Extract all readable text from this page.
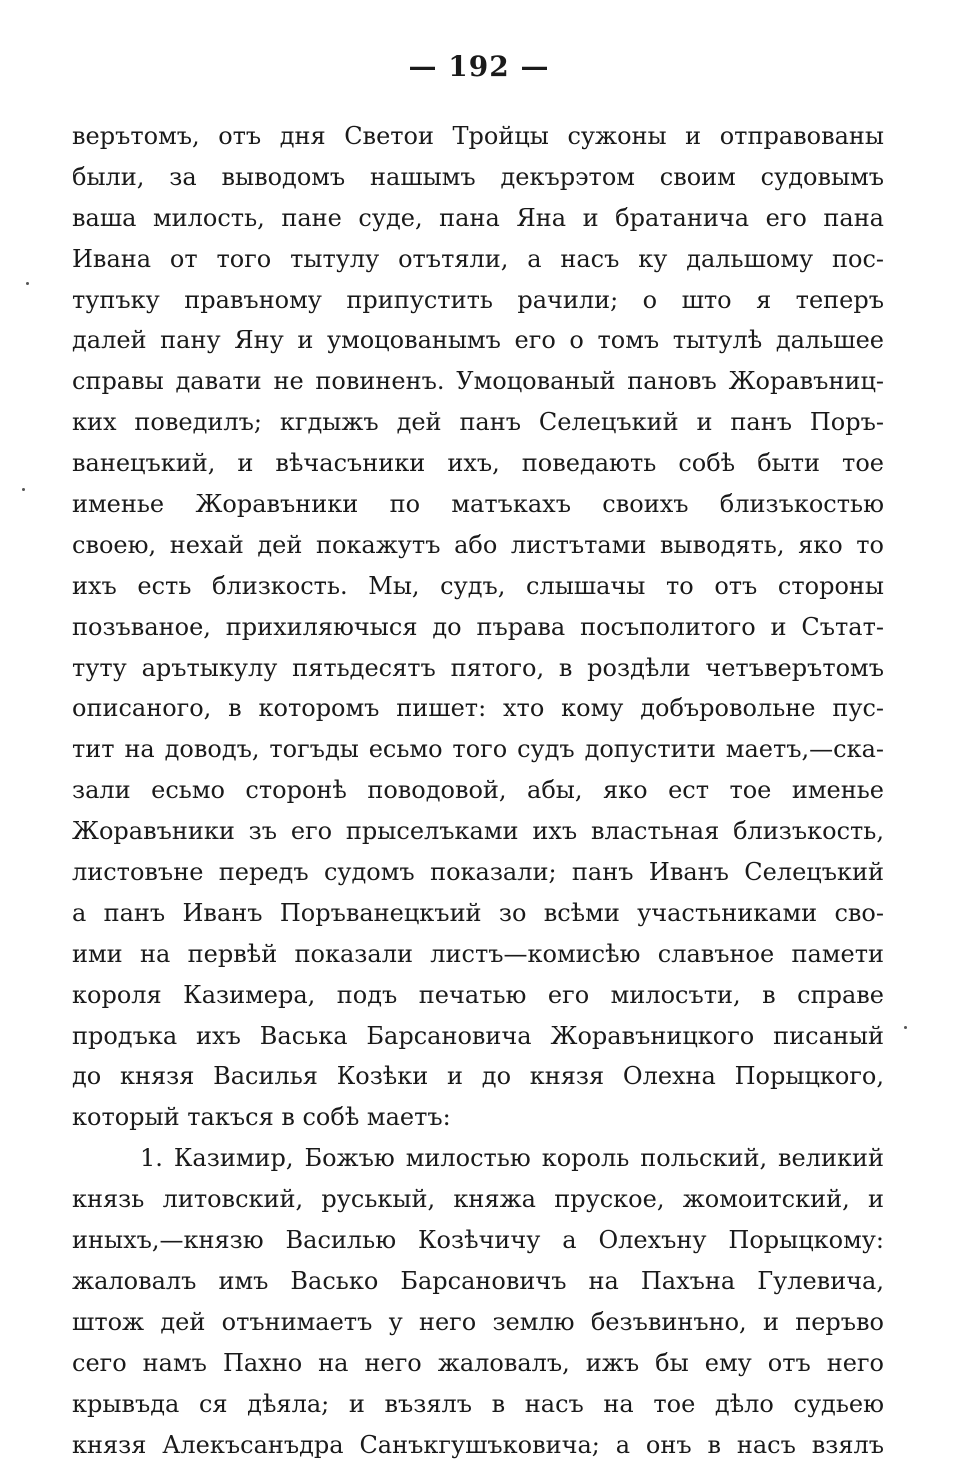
— 192 —
верътомъ, отъ дня Светои Тройцы сужоны и отправованы
были, за выводомъ нашымъ декърэтом своим судовымъ
ваша милость, пане суде, пана Яна и братанича его пана
Ивана от того тытулу отътяли, а насъ ку дальшому пос-
тупъку правъному припустить рачили; о што я теперъ
далей пану Яну и умоцованымъ его о томъ тытулѣ дальшее
справы давати не повиненъ. Умоцованый пановъ Жоравъниц-
ких поведилъ; кгдыжъ дей панъ Селецъкий и панъ Поръ-
ванецъкий, и вѣчасъники ихъ, поведають собѣ быти тое
именье Жоравъники по матъкахъ своихъ близъкостью
своею, нехай дей покажутъ або листътами выводять, яко то
ихъ есть близкость. Мы, судъ, слышачы то отъ стороны
позъваное, прихиляючыся до пърава посъполитого и Сътат-
туту арътыкулу пятьдесятъ пятого, в роздѣли четъверътомъ
описаного, в которомъ пишет: хто кому добъровольне пус-
тит на доводъ, тогъды есьмо того судъ допустити маетъ,—ска-
зали есьмо сторонѣ поводовой, абы, яко ест тое именье
Жоравъники зъ его прыселъками ихъ властьная близъкость,
листовъне передъ судомъ показали; панъ Иванъ Селецъкий
а панъ Иванъ Поръванецкъий зо всѣми участьниками сво-
ими на первѣй показали листъ—комисѣю славъное памети
короля Казимера, подъ печатью его милосъти, в справе
продъка ихъ Васька Барсановича Жоравъницкого писаный
до князя Василья Козѣки и до князя Олехна Порыцкого,
который такъся в собѣ маетъ:
1. Казимир, Божъю милостью король польский, великий
князь литовский, руськый, княжа прускоe, жомоитский, и
иныхъ,—князю Василью Козѣчичу а Олехъну Порыцкому:
жаловалъ имъ Васько Барсановичъ на Пахъна Гулевича,
штож дей отънимаетъ у него землю безъвинъно, и перъво
сего намъ Пахно на него жаловалъ, ижъ бы ему отъ него
крывъда ся дѣяла; и възялъ в насъ на тое дѣло судьею
князя Алекъсанъдра Санъкгушъковича; а онъ в насъ взялъ
